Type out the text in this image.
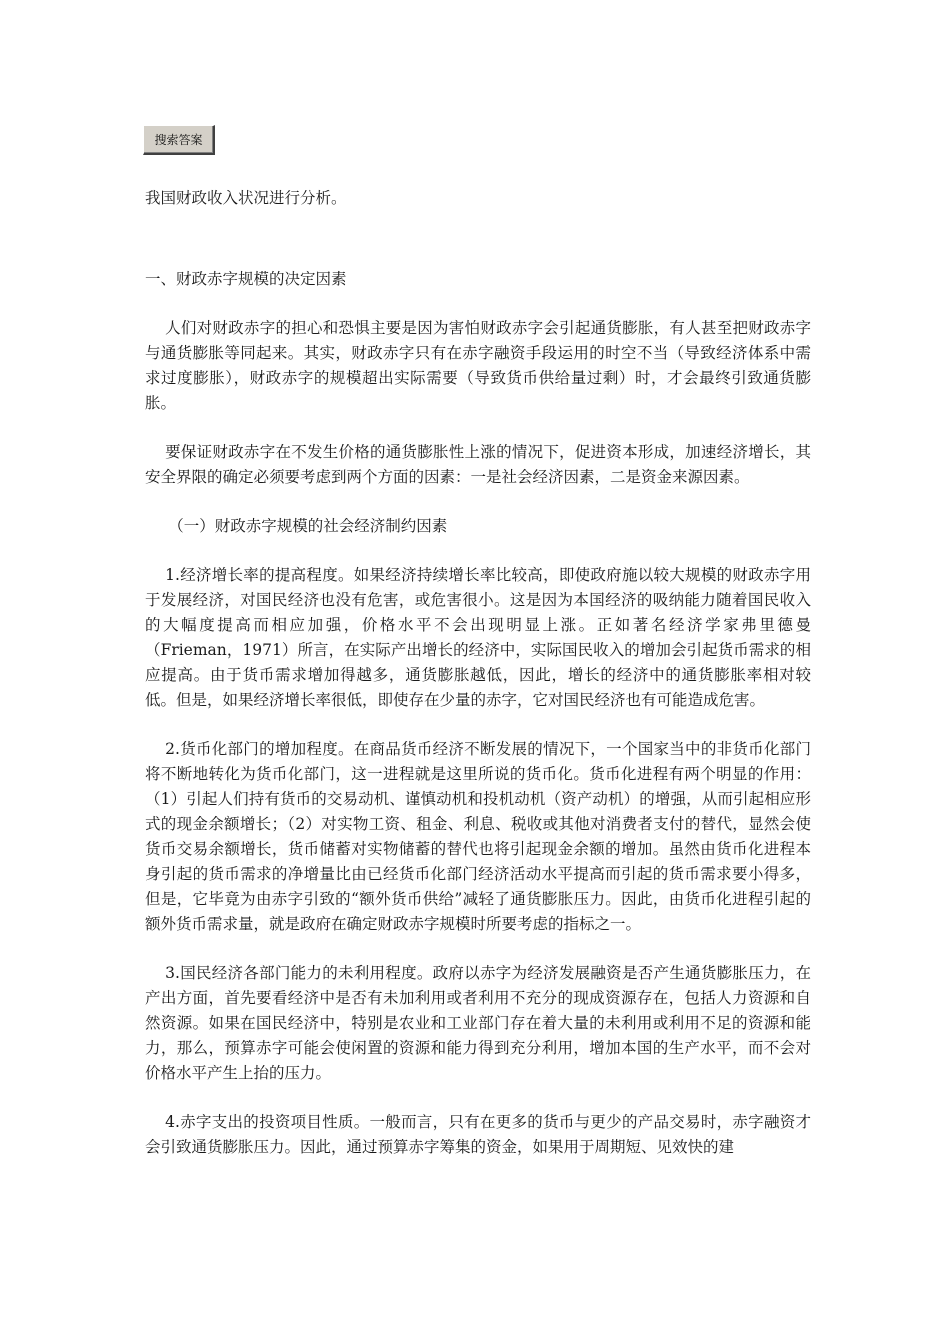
搜索答案

我国财政收入状况进行分析。

一、财政赤字规模的决定因素

人们对财政赤字的担心和恐惧主要是因为害怕财政赤字会引起通货膨胀，有人甚至把财政赤字与通货膨胀等同起来。其实，财政赤字只有在赤字融资手段运用的时空不当（导致经济体系中需求过度膨胀），财政赤字的规模超出实际需要（导致货币供给量过剩）时，才会最终引致通货膨胀。

要保证财政赤字在不发生价格的通货膨胀性上涨的情况下，促进资本形成，加速经济增长，其安全界限的确定必须要考虑到两个方面的因素：一是社会经济因素，二是资金来源因素。

（一）财政赤字规模的社会经济制约因素

1.经济增长率的提高程度。如果经济持续增长率比较高，即使政府施以较大规模的财政赤字用于发展经济，对国民经济也没有危害，或危害很小。这是因为本国经济的吸纳能力随着国民收入的大幅度提高而相应加强，价格水平不会出现明显上涨。正如著名经济学家弗里德曼（Frieman，1971）所言，在实际产出增长的经济中，实际国民收入的增加会引起货币需求的相应提高。由于货币需求增加得越多，通货膨胀越低，因此，增长的经济中的通货膨胀率相对较低。但是，如果经济增长率很低，即使存在少量的赤字，它对国民经济也有可能造成危害。

2.货币化部门的增加程度。在商品货币经济不断发展的情况下，一个国家当中的非货币化部门将不断地转化为货币化部门，这一进程就是这里所说的货币化。货币化进程有两个明显的作用：（1）引起人们持有货币的交易动机、谨慎动机和投机动机（资产动机）的增强，从而引起相应形式的现金余额增长；（2）对实物工资、租金、利息、税收或其他对消费者支付的替代，显然会使货币交易余额增长，货币储蓄对实物储蓄的替代也将引起现金余额的增加。虽然由货币化进程本身引起的货币需求的净增量比由已经货币化部门经济活动水平提高而引起的货币需求要小得多，但是，它毕竟为由赤字引致的“额外货币供给”减轻了通货膨胀压力。因此，由货币化进程引起的额外货币需求量，就是政府在确定财政赤字规模时所要考虑的指标之一。

3.国民经济各部门能力的未利用程度。政府以赤字为经济发展融资是否产生通货膨胀压力，在产出方面，首先要看经济中是否有未加利用或者利用不充分的现成资源存在，包括人力资源和自然资源。如果在国民经济中，特别是农业和工业部门存在着大量的未利用或利用不足的资源和能力，那么，预算赤字可能会使闲置的资源和能力得到充分利用，增加本国的生产水平，而不会对价格水平产生上抬的压力。

4.赤字支出的投资项目性质。一般而言，只有在更多的货币与更少的产品交易时，赤字融资才会引致通货膨胀压力。因此，通过预算赤字筹集的资金，如果用于周期短、见效快的建
